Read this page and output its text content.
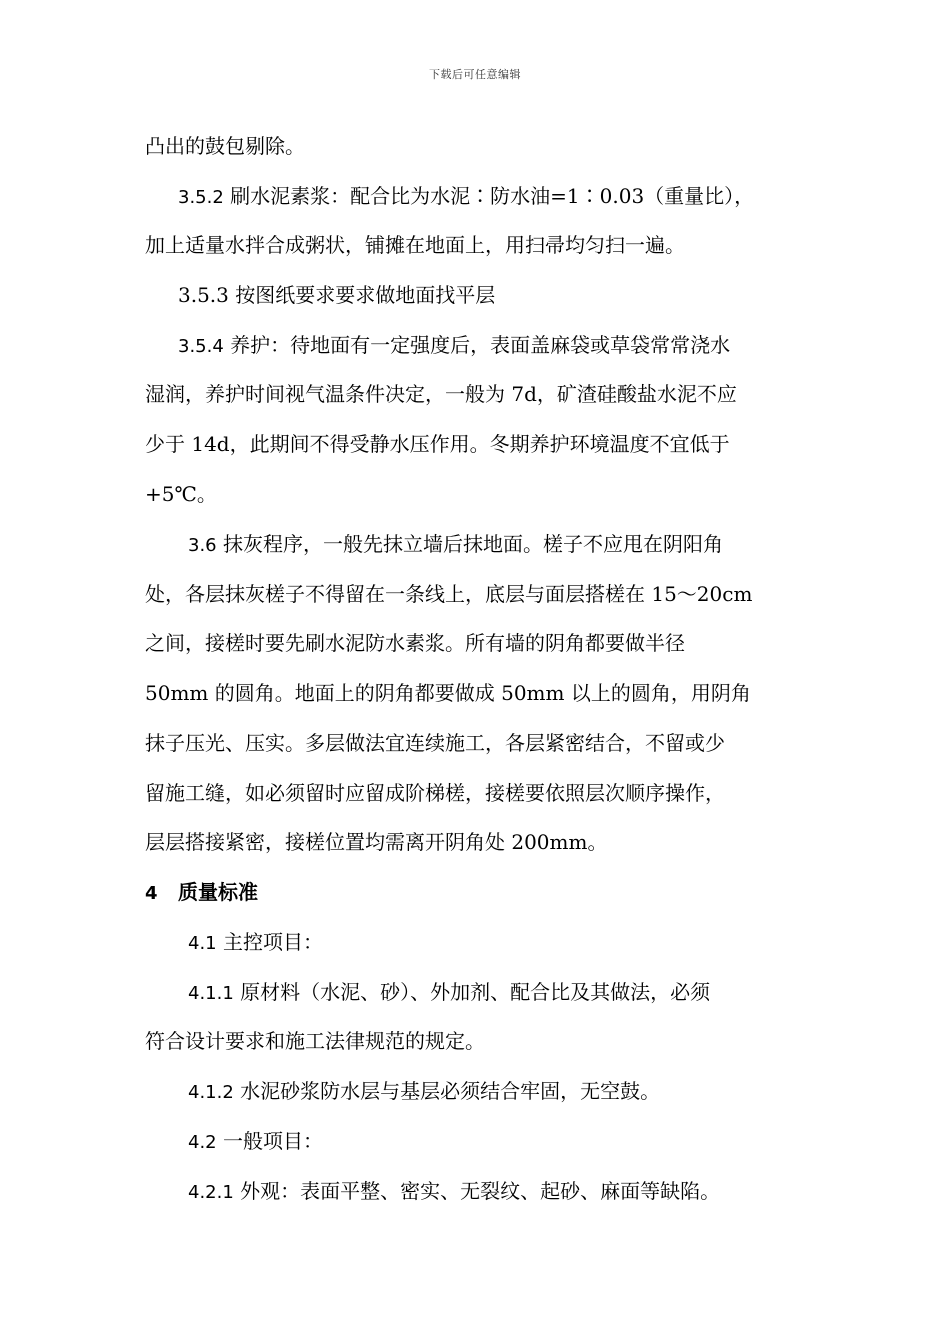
下载后可任意编辑
凸出的鼓包剔除。
3.5.2 刷水泥素浆：配合比为水泥∶防水油=1∶0.03（重量比），
加上适量水拌合成粥状，铺摊在地面上，用扫帚均匀扫一遍。
3.5.3 按图纸要求要求做地面找平层
3.5.4 养护：待地面有一定强度后，表面盖麻袋或草袋常常浇水
湿润，养护时间视气温条件决定，一般为 7d，矿渣硅酸盐水泥不应
少于 14d，此期间不得受静水压作用。冬期养护环境温度不宜低于
+5℃。
3.6 抹灰程序，一般先抹立墙后抹地面。槎子不应甩在阴阳角
处，各层抹灰槎子不得留在一条线上，底层与面层搭槎在 15～20cm
之间，接槎时要先刷水泥防水素浆。所有墙的阴角都要做半径
50mm 的圆角。地面上的阴角都要做成 50mm 以上的圆角，用阴角
抹子压光、压实。多层做法宜连续施工，各层紧密结合，不留或少
留施工缝，如必须留时应留成阶梯槎，接槎要依照层次顺序操作，
层层搭接紧密，接槎位置均需离开阴角处 200mm。
4 质量标准
4.1 主控项目：
4.1.1 原材料（水泥、砂）、外加剂、配合比及其做法，必须
符合设计要求和施工法律规范的规定。
4.1.2 水泥砂浆防水层与基层必须结合牢固，无空鼓。
4.2 一般项目：
4.2.1 外观：表面平整、密实、无裂纹、起砂、麻面等缺陷。
